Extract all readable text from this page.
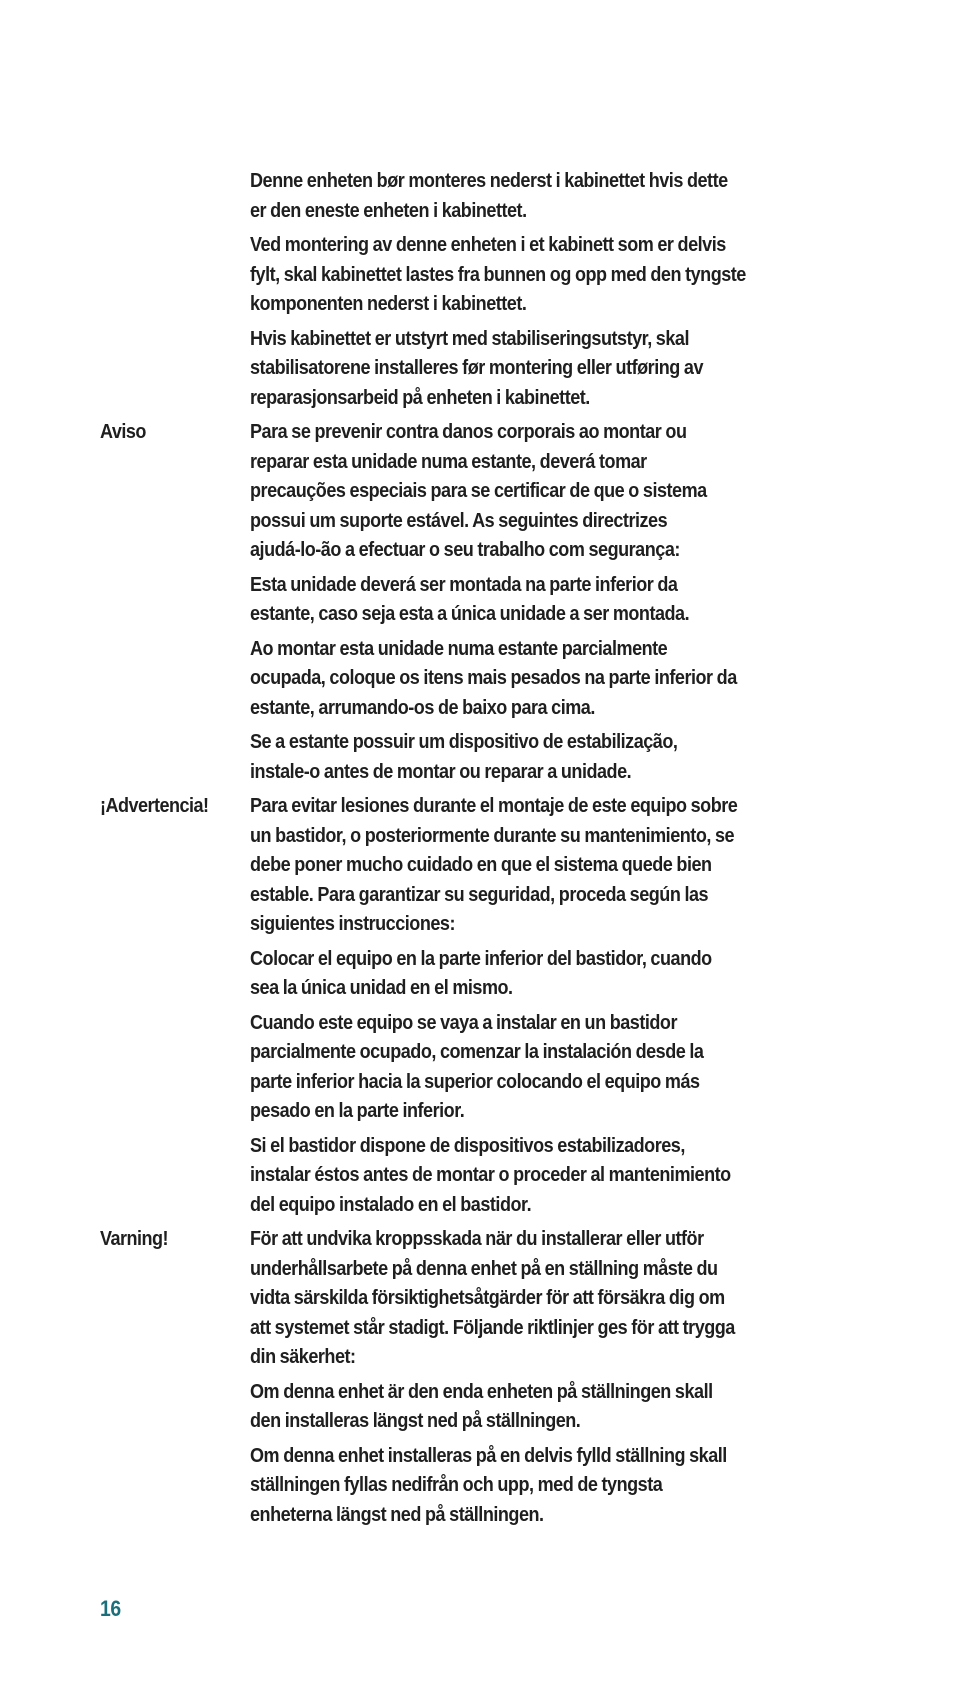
Denne enheten bør monteres nederst i kabinettet hvis dette
er den eneste enheten i kabinettet.
Ved montering av denne enheten i et kabinett som er delvis
fylt, skal kabinettet lastes fra bunnen og opp med den tyngste
komponenten nederst i kabinettet.
Hvis kabinettet er utstyrt med stabiliseringsutstyr, skal
stabilisatorene installeres før montering eller utføring av
reparasjonsarbeid på enheten i kabinettet.
Aviso	Para se prevenir contra danos corporais ao montar ou
reparar esta unidade numa estante, deverá tomar
precauções especiais para se certificar de que o sistema
possui um suporte estável. As seguintes directrizes
ajudá-lo-ão a efectuar o seu trabalho com segurança:
Esta unidade deverá ser montada na parte inferior da
estante, caso seja esta a única unidade a ser montada.
Ao montar esta unidade numa estante parcialmente
ocupada, coloque os itens mais pesados na parte inferior da
estante, arrumando-os de baixo para cima.
Se a estante possuir um dispositivo de estabilização,
instale-o antes de montar ou reparar a unidade.
¡Advertencia!	Para evitar lesiones durante el montaje de este equipo sobre
un bastidor, o posteriormente durante su mantenimiento, se
debe poner mucho cuidado en que el sistema quede bien
estable. Para garantizar su seguridad, proceda según las
siguientes instrucciones:
Colocar el equipo en la parte inferior del bastidor, cuando
sea la única unidad en el mismo.
Cuando este equipo se vaya a instalar en un bastidor
parcialmente ocupado, comenzar la instalación desde la
parte inferior hacia la superior colocando el equipo más
pesado en la parte inferior.
Si el bastidor dispone de dispositivos estabilizadores,
instalar éstos antes de montar o proceder al mantenimiento
del equipo instalado en el bastidor.
Varning!	För att undvika kroppsskada när du installerar eller utför
underhållsarbete på denna enhet på en ställning måste du
vidta särskilda försiktighetsåtgärder för att försäkra dig om
att systemet står stadigt. Följande riktlinjer ges för att trygga
din säkerhet:
Om denna enhet är den enda enheten på ställningen skall
den installeras längst ned på ställningen.
Om denna enhet installeras på en delvis fylld ställning skall
ställningen fyllas nedifrån och upp, med de tyngsta
enheterna längst ned på ställningen.
16
